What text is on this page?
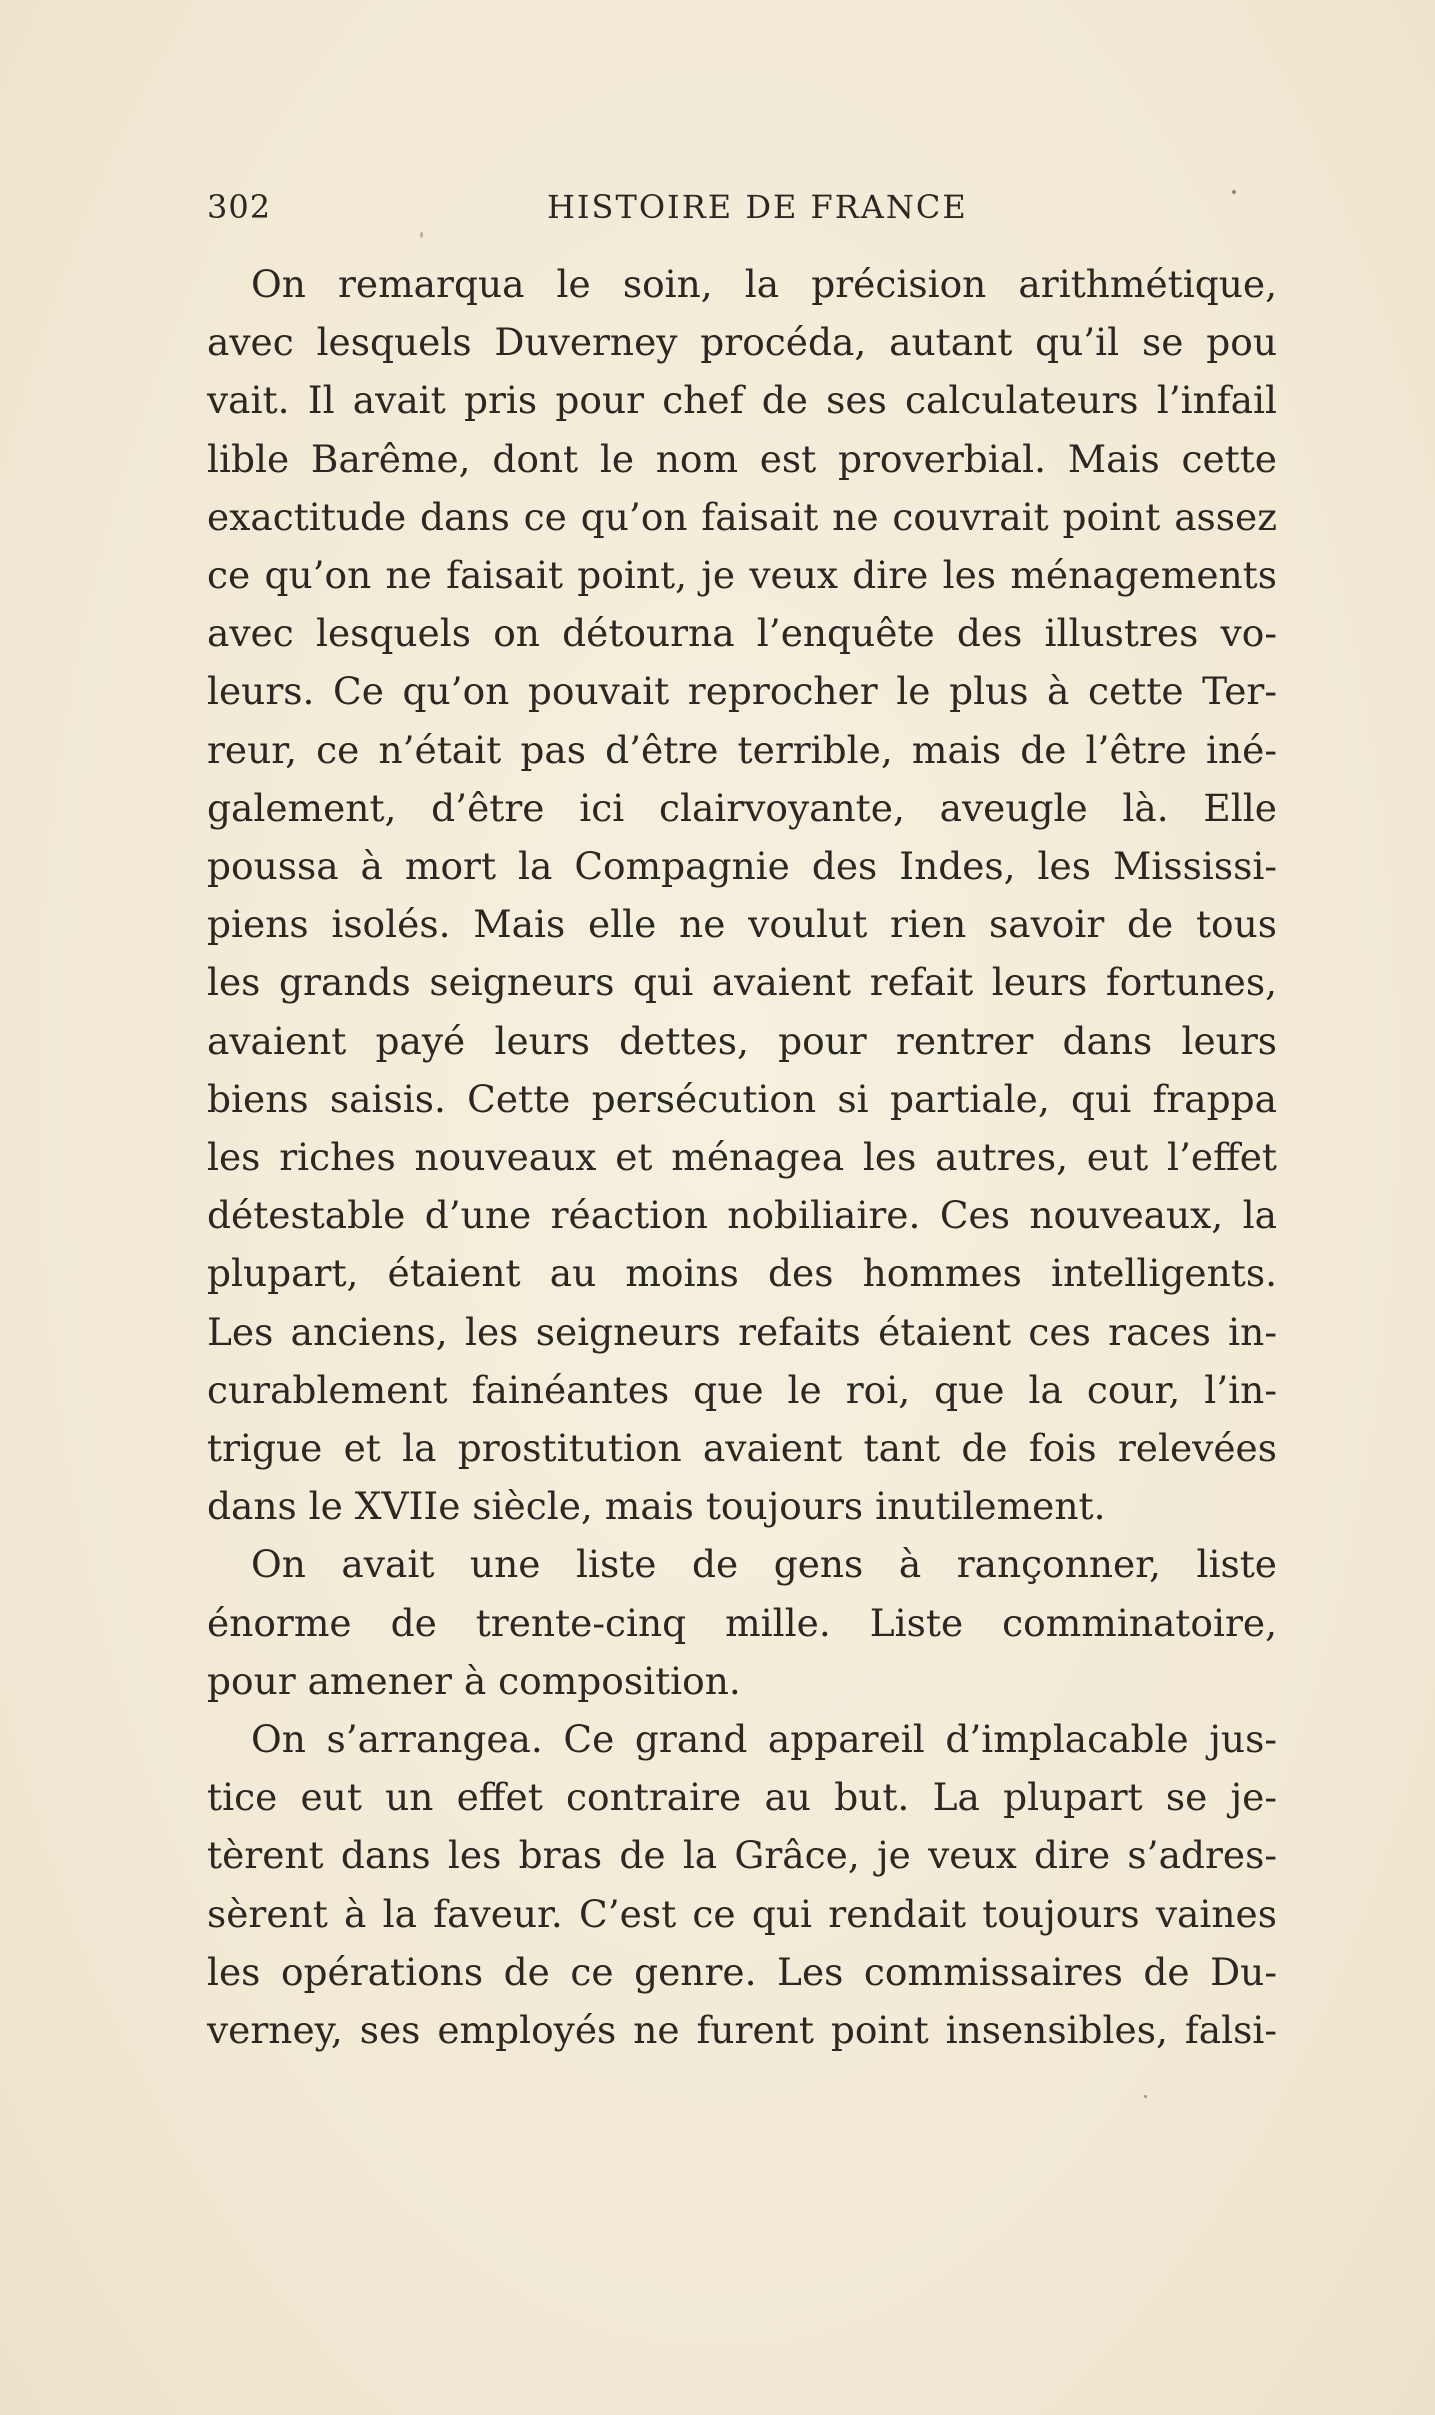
302	HISTOIRE DE FRANCE

On remarqua le soin, la précision arithmétique,
avec lesquels Duverney procéda, autant qu’il se pou
vait. Il avait pris pour chef de ses calculateurs l’infail
lible Barême, dont le nom est proverbial. Mais cette
exactitude dans ce qu’on faisait ne couvrait point assez
ce qu’on ne faisait point, je veux dire les ménagements
avec lesquels on détourna l’enquête des illustres vo-
leurs. Ce qu’on pouvait reprocher le plus à cette Ter-
reur, ce n’était pas d’être terrible, mais de l’être iné-
galement, d’être ici clairvoyante, aveugle là. Elle
poussa à mort la Compagnie des Indes, les Mississi-
piens isolés. Mais elle ne voulut rien savoir de tous
les grands seigneurs qui avaient refait leurs fortunes,
avaient payé leurs dettes, pour rentrer dans leurs
biens saisis. Cette persécution si partiale, qui frappa
les riches nouveaux et ménagea les autres, eut l’effet
détestable d’une réaction nobiliaire. Ces nouveaux, la
plupart, étaient au moins des hommes intelligents.
Les anciens, les seigneurs refaits étaient ces races in-
curablement fainéantes que le roi, que la cour, l’in-
trigue et la prostitution avaient tant de fois relevées
dans le XVIIe siècle, mais toujours inutilement.

On avait une liste de gens à rançonner, liste
énorme de trente-cinq mille. Liste comminatoire,
pour amener à composition.

On s’arrangea. Ce grand appareil d’implacable jus-
tice eut un effet contraire au but. La plupart se je-
tèrent dans les bras de la Grâce, je veux dire s’adres-
sèrent à la faveur. C’est ce qui rendait toujours vaines
les opérations de ce genre. Les commissaires de Du-
verney, ses employés ne furent point insensibles, falsi-
